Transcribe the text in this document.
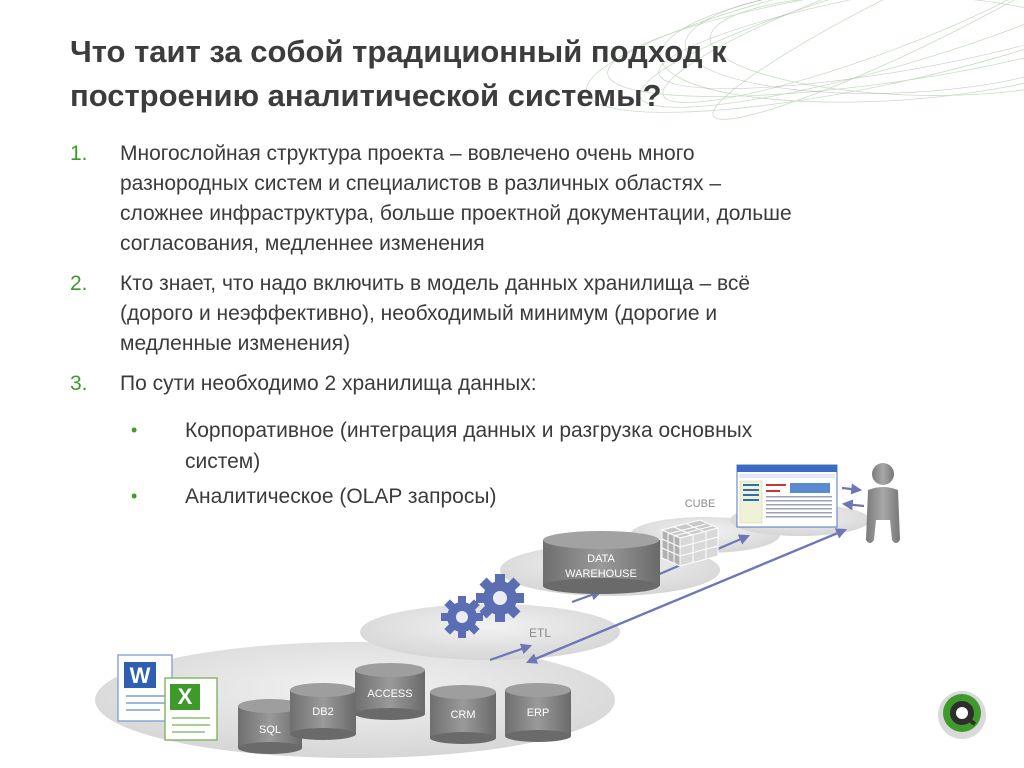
Что таит за собой традиционный подход к
построению аналитической системы?
1. Многослойная структура проекта – вовлечено очень много
разнородных систем и специалистов в различных областях –
сложнее инфраструктура, больше проектной документации, дольше
согласования, медленнее изменения
2. Кто знает, что надо включить в модель данных хранилища – всё
(дорого и неэффективно), необходимый минимум (дорогие и
медленные изменения)
3. По сути необходимо 2 хранилища данных:
• Корпоративное (интеграция данных и разгрузка основных
систем)
• Аналитическое (OLAP запросы)
SQL
DB2
ACCESS
CRM	ERP
W
X
ETL
DATA
WAREHOUSE
CUBE
